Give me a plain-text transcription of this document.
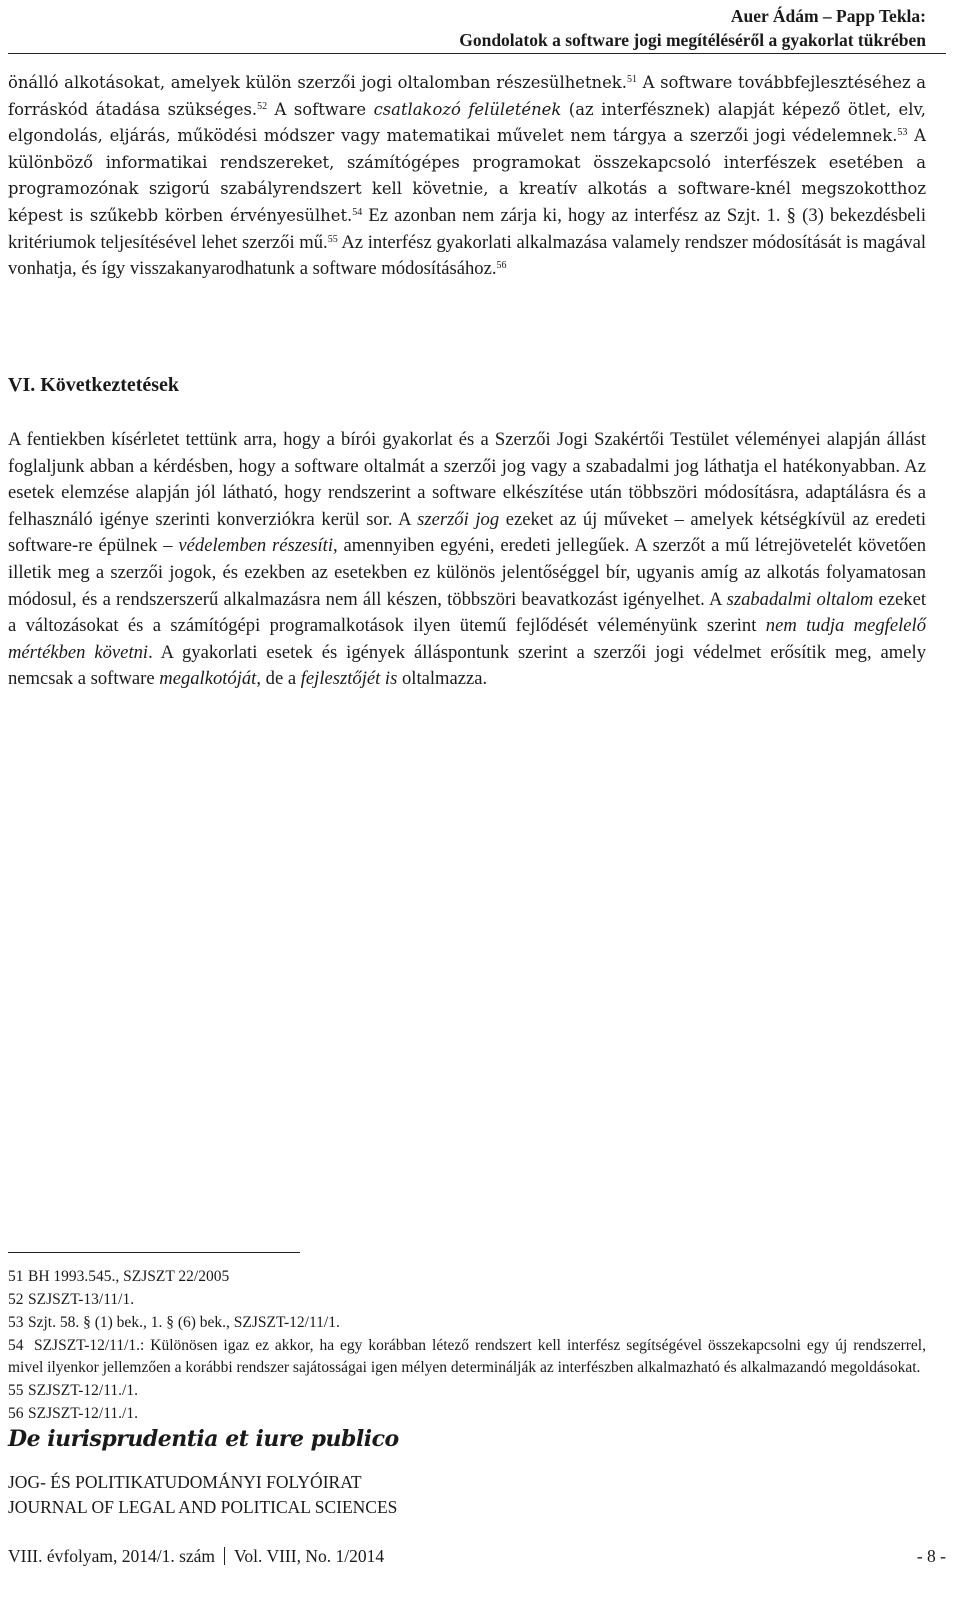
Auer Ádám – Papp Tekla:
Gondolatok a software jogi megítéléséről a gyakorlat tükrében
önálló alkotásokat, amelyek külön szerzői jogi oltalomban részesülhetnek.$^{51}$ A software továbbfejlesztéséhez a forráskód átadása szükséges.$^{52}$ A software csatlakozó felületének (az interfésznek) alapját képező ötlet, elv, elgondolás, eljárás, működési módszer vagy matematikai művelet nem tárgya a szerzői jogi védelemnek.$^{53}$ A különböző informatikai rendszereket, számítógépes programokat összekapcsoló interfészek esetében a programozónak szigorú szabályrendszert kell követnie, a kreatív alkotás a software-knél megszokotthoz képest is szűkebb körben érvényesülhet.$^{54}$ Ez azonban nem zárja ki, hogy az interfész az Szjt. 1. § (3) bekezdésbeli kritériumok teljesítésével lehet szerzői mű.$^{55}$ Az interfész gyakorlati alkalmazása valamely rendszer módosítását is magával vonhatja, és így visszakanyarodhatunk a software módosításához.$^{56}$
VI. Következtetések
A fentiekben kísérletet tettünk arra, hogy a bírói gyakorlat és a Szerzői Jogi Szakértői Testület véleményei alapján állást foglaljunk abban a kérdésben, hogy a software oltalmát a szerzői jog vagy a szabadalmi jog láthatja el hatékonyabban. Az esetek elemzése alapján jól látható, hogy rendszerint a software elkészítése után többszöri módosításra, adaptálásra és a felhasználó igénye szerinti konverziókra kerül sor. A szerzői jog ezeket az új műveket – amelyek kétségkívül az eredeti software-re épülnek – védelemben részesíti, amennyiben egyéni, eredeti jellegűek. A szerzőt a mű létrejövetelét követően illetik meg a szerzői jogok, és ezekben az esetekben ez különös jelentőséggel bír, ugyanis amíg az alkotás folyamatosan módosul, és a rendszerszerű alkalmazásra nem áll készen, többszöri beavatkozást igényelhet. A szabadalmi oltalom ezeket a változásokat és a számítógépi programalkotások ilyen ütemű fejlődését véleményünk szerint nem tudja megfelelő mértékben követni. A gyakorlati esetek és igények álláspontunk szerint a szerzői jogi védelmet erősítik meg, amely nemcsak a software megalkotóját, de a fejlesztőjét is oltalmazza.
51 BH 1993.545., SZJSZT 22/2005
52 SZJSZT-13/11/1.
53 Szjt. 58. § (1) bek., 1. § (6) bek., SZJSZT-12/11/1.
54 SZJSZT-12/11/1.: Különösen igaz ez akkor, ha egy korábban létező rendszert kell interfész segítségével összekapcsolni egy új rendszerrel, mivel ilyenkor jellemzően a korábbi rendszer sajátosságai igen mélyen determinálják az interfészben alkalmazható és alkalmazandó megoldásokat.
55 SZJSZT-12/11./1.
56 SZJSZT-12/11./1.
De iurisprudentia et iure publico
JOG- ÉS POLITIKATUDOMÁNYI FOLYÓIRAT
JOURNAL OF LEGAL AND POLITICAL SCIENCES
VIII. évfolyam, 2014/1. szám Vol. VIII, No. 1/2014	- 8 -
